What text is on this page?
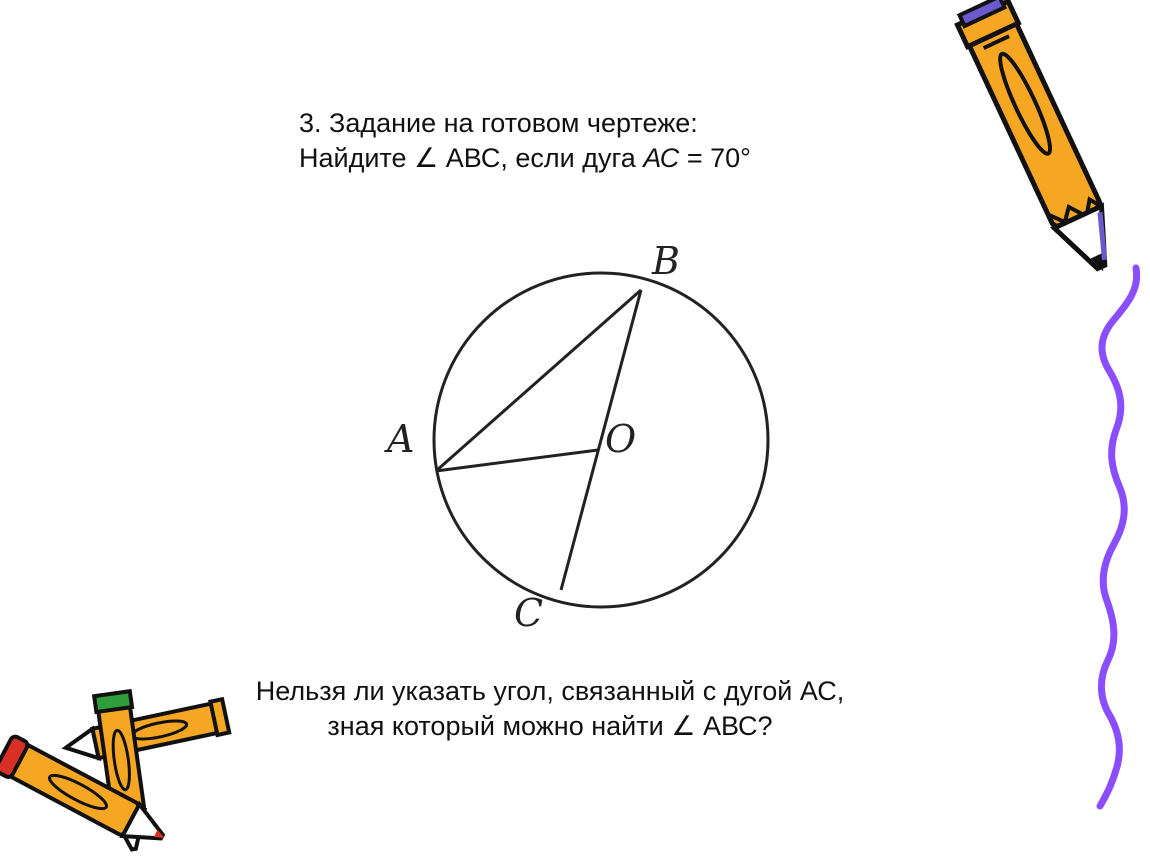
3. Задание на готовом чертеже:
Найдите ∠ АВС, если дуга АС = 70°
A
B
C
O
Нельзя ли указать угол, связанный с дугой АС,
зная который можно найти ∠ АВС?
